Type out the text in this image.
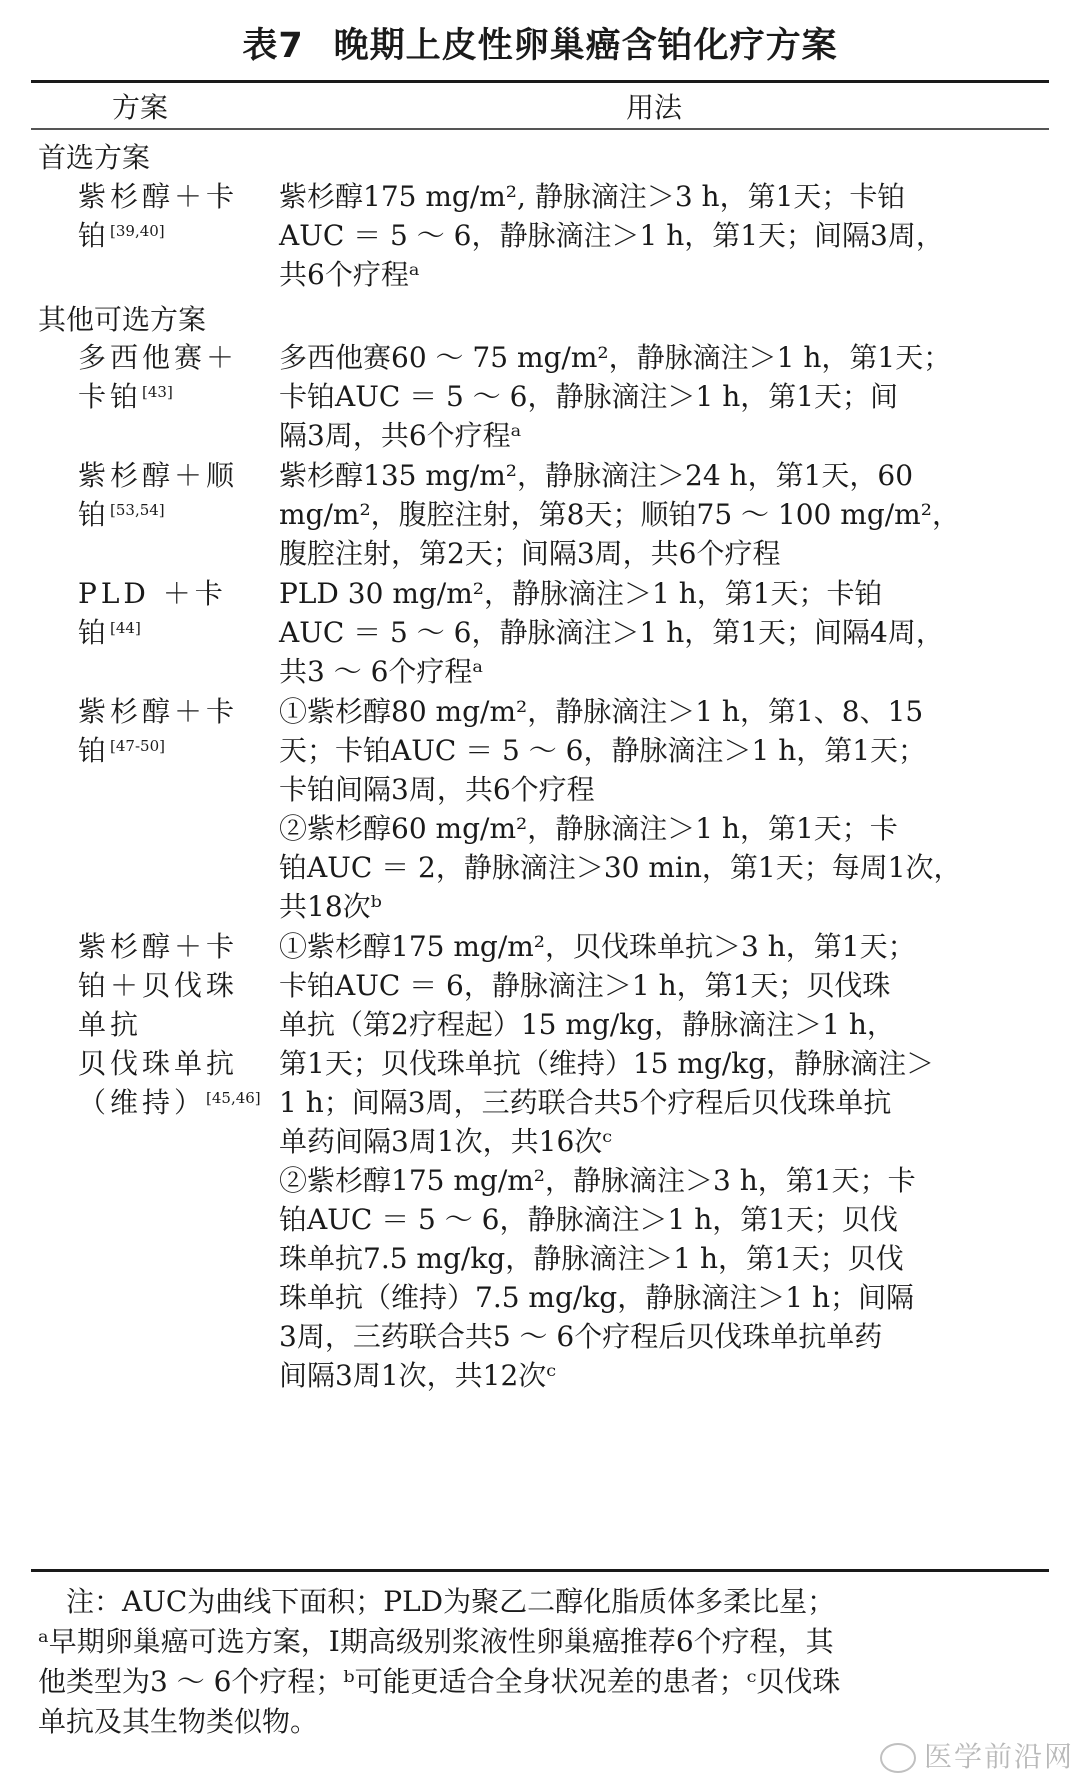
表7 晚期上皮性卵巢癌含铂化疗方案
方案	用法
首选方案
紫杉醇＋卡
铂[39,40]
紫杉醇175 mg/m², 静脉滴注＞3 h，第1天；卡铂
AUC ＝ 5 ～ 6，静脉滴注＞1 h，第1天；间隔3周，
共6个疗程ᵃ
其他可选方案
多西他赛＋
卡铂[43]
多西他赛60 ～ 75 mg/m²，静脉滴注＞1 h，第1天；
卡铂AUC ＝ 5 ～ 6，静脉滴注＞1 h，第1天；间
隔3周，共6个疗程ᵃ
紫杉醇＋顺
铂[53,54]
紫杉醇135 mg/m²，静脉滴注＞24 h，第1天，60
mg/m²，腹腔注射，第8天；顺铂75 ～ 100 mg/m²，
腹腔注射，第2天；间隔3周，共6个疗程
PLD ＋卡
铂[44]
PLD 30 mg/m²，静脉滴注＞1 h，第1天；卡铂
AUC ＝ 5 ～ 6，静脉滴注＞1 h，第1天；间隔4周，
共3 ～ 6个疗程ᵃ
紫杉醇＋卡
铂[47-50]
①紫杉醇80 mg/m²，静脉滴注＞1 h，第1、8、15
天；卡铂AUC ＝ 5 ～ 6，静脉滴注＞1 h，第1天；
卡铂间隔3周，共6个疗程
②紫杉醇60 mg/m²，静脉滴注＞1 h，第1天；卡
铂AUC ＝ 2，静脉滴注＞30 min，第1天；每周1次，
共18次ᵇ
紫杉醇＋卡
铂＋贝伐珠
单抗
贝伐珠单抗
（维持）[45,46]
①紫杉醇175 mg/m²，贝伐珠单抗＞3 h，第1天；
卡铂AUC ＝ 6，静脉滴注＞1 h，第1天；贝伐珠
单抗（第2疗程起）15 mg/kg，静脉滴注＞1 h，
第1天；贝伐珠单抗（维持）15 mg/kg，静脉滴注＞
1 h；间隔3周，三药联合共5个疗程后贝伐珠单抗
单药间隔3周1次，共16次ᶜ
②紫杉醇175 mg/m²，静脉滴注＞3 h，第1天；卡
铂AUC ＝ 5 ～ 6，静脉滴注＞1 h，第1天；贝伐
珠单抗7.5 mg/kg，静脉滴注＞1 h，第1天；贝伐
珠单抗（维持）7.5 mg/kg，静脉滴注＞1 h；间隔
3周，三药联合共5 ～ 6个疗程后贝伐珠单抗单药
间隔3周1次，共12次ᶜ
　注：AUC为曲线下面积；PLD为聚乙二醇化脂质体多柔比星；
ᵃ早期卵巢癌可选方案，Ⅰ期高级别浆液性卵巢癌推荐6个疗程，其
他类型为3 ～ 6个疗程；ᵇ可能更适合全身状况差的患者；ᶜ贝伐珠
单抗及其生物类似物。
医学前沿网
